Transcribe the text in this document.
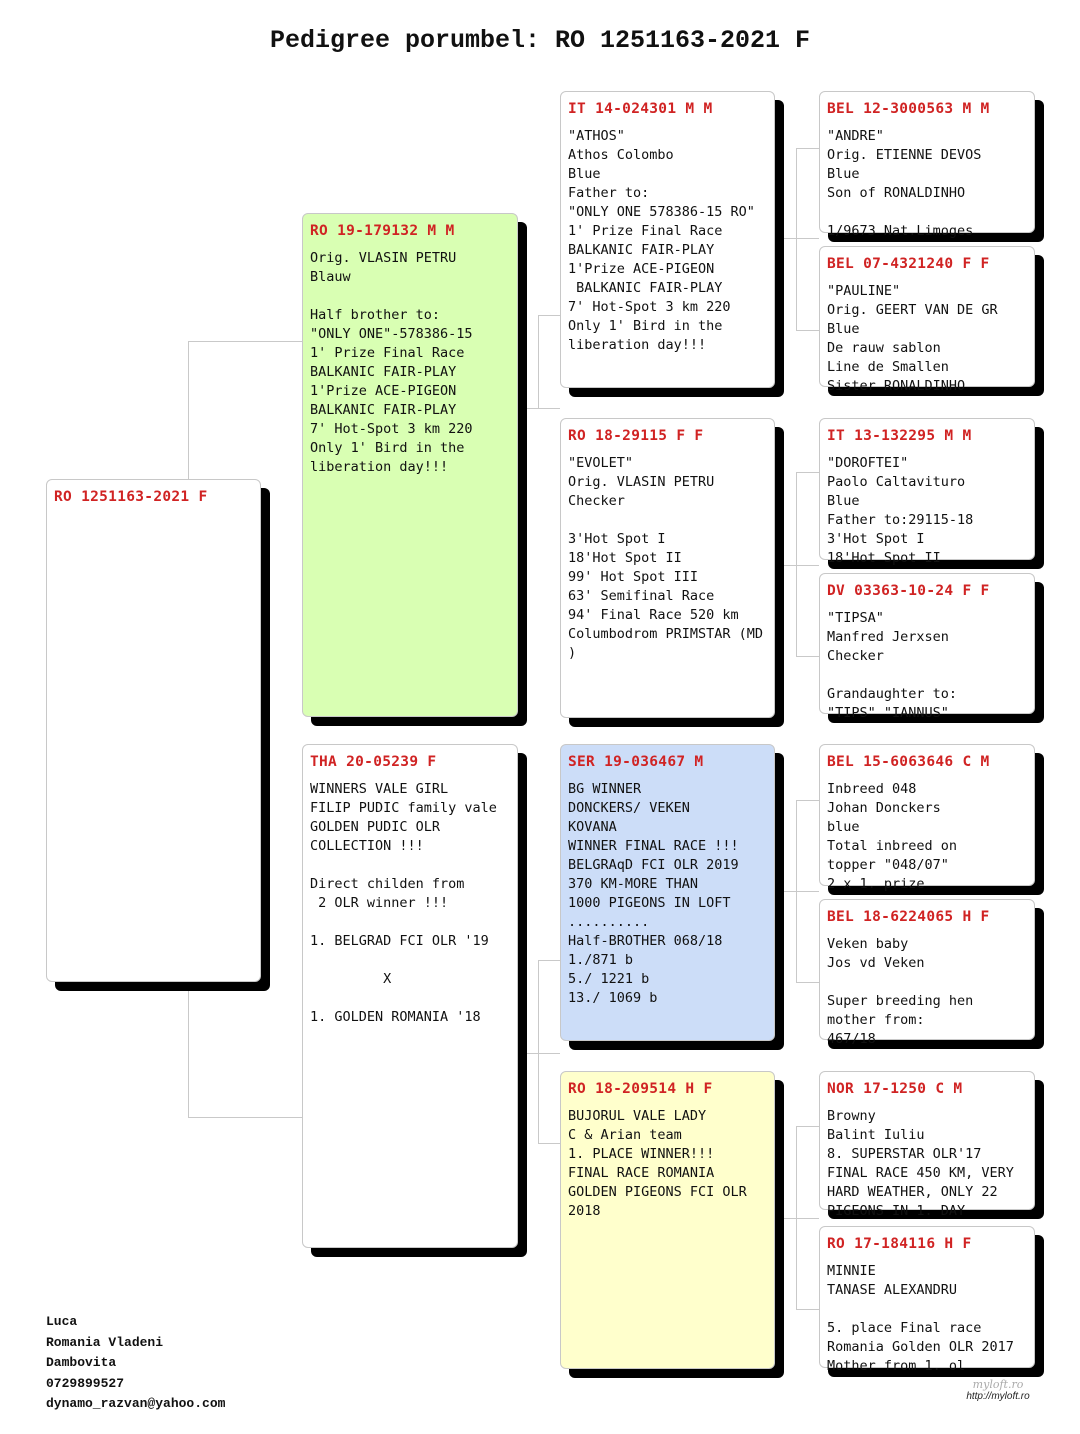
Pedigree porumbel: RO 1251163-2021 F
RO 1251163-2021 F
RO 19-179132 M M
Orig. VLASIN PETRU
Blauw

Half brother to:
"ONLY ONE"-578386-15
1' Prize Final Race
BALKANIC FAIR-PLAY
1'Prize ACE-PIGEON
BALKANIC FAIR-PLAY
7' Hot-Spot 3 km 220
Only 1' Bird in the
liberation day!!!
THA 20-05239 F
WINNERS VALE GIRL
FILIP PUDIC family vale
GOLDEN PUDIC OLR
COLLECTION !!!

Direct childen from
2 OLR winner !!!

1. BELGRAD FCI OLR '19

X

1. GOLDEN ROMANIA '18
IT 14-024301 M M
"ATHOS"
Athos Colombo
Blue
Father to:
"ONLY ONE 578386-15 RO"
1' Prize Final Race
BALKANIC FAIR-PLAY
1'Prize ACE-PIGEON
BALKANIC FAIR-PLAY
7' Hot-Spot 3 km 220
Only 1' Bird in the
liberation day!!!
RO 18-29115 F F
"EVOLET"
Orig. VLASIN PETRU
Checker

3'Hot Spot I
18'Hot Spot II
99' Hot Spot III
63' Semifinal Race
94' Final Race 520 km
Columbodrom PRIMSTAR (MD
)
SER 19-036467 M
BG WINNER
DONCKERS/ VEKEN
KOVANA
WINNER FINAL RACE !!!
BELGRAqD FCI OLR 2019
370 KM-MORE THAN
1000 PIGEONS IN LOFT
..........
Half-BROTHER 068/18
1./871 b
5./ 1221 b
13./ 1069 b
RO 18-209514 H F
BUJORUL VALE LADY
C & Arian team
1. PLACE WINNER!!!
FINAL RACE ROMANIA
GOLDEN PIGEONS FCI OLR
2018
BEL 12-3000563 M M
"ANDRE"
Orig. ETIENNE DEVOS
Blue
Son of RONALDINHO

1/9673 Nat.Limoges
BEL 07-4321240 F F
"PAULINE"
Orig. GEERT VAN DE GR
Blue
De rauw sablon
Line de Smallen
Sister RONALDINHO
IT 13-132295 M M
"DOROFTEI"
Paolo Caltavituro
Blue
Father to:29115-18
3'Hot Spot I
18'Hot Spot II
DV 03363-10-24 F F
"TIPSA"
Manfred Jerxsen
Checker

Grandaughter to:
"TIPS" "IANNUS"
BEL 15-6063646 C M
Inbreed 048
Johan Donckers
blue
Total inbreed on
topper "048/07"
2 x 1. prize
BEL 18-6224065 H F
Veken baby
Jos vd Veken

Super breeding hen
mother from:
467/18
NOR 17-1250 C M
Browny
Balint Iuliu
8. SUPERSTAR OLR'17
FINAL RACE 450 KM, VERY
HARD WEATHER, ONLY 22
PIGEONS IN 1. DAY
RO 17-184116 H F
MINNIE
TANASE ALEXANDRU

5. place Final race
Romania Golden OLR 2017
Mother from 1. ol
Luca
Romania Vladeni
Dambovita
0729899527
dynamo_razvan@yahoo.com
myloft.ro
http://myloft.ro
